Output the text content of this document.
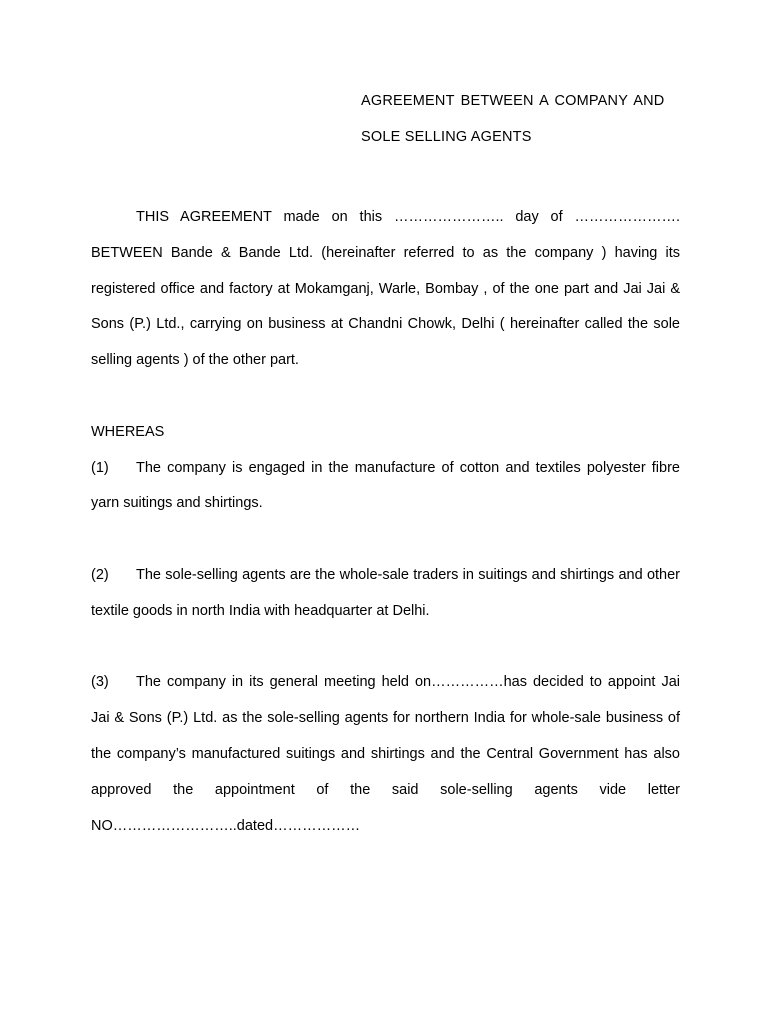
AGREEMENT BETWEEN A COMPANY AND
SOLE SELLING AGENTS

THIS AGREEMENT made on this ………………….. day of …………………. BETWEEN Bande & Bande Ltd. (hereinafter referred to as the company ) having its registered office and factory at Mokamganj, Warle, Bombay , of the one part and Jai Jai & Sons (P.) Ltd., carrying on business at Chandni Chowk, Delhi ( hereinafter called the sole selling agents ) of the other part.

WHEREAS

(1) The company is engaged in the manufacture of cotton and textiles polyester fibre yarn suitings and shirtings.

(2) The sole-selling agents are the whole-sale traders in suitings and shirtings and other textile goods in north India with headquarter at Delhi.

(3) The company in its general meeting held on……………has decided to appoint Jai Jai & Sons (P.) Ltd. as the sole-selling agents for northern India for whole-sale business of the company’s manufactured suitings and shirtings and the Central Government has also approved the appointment of the said sole-selling agents vide letter NO……………………..dated………………
